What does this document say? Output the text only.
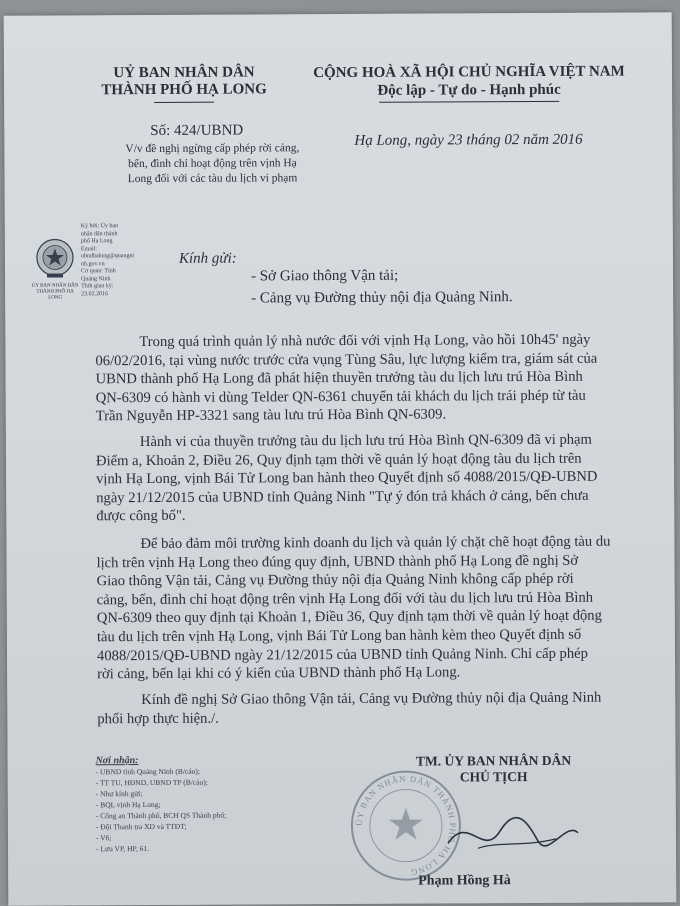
UỶ BAN NHÂN DÂN
THÀNH PHỐ HẠ LONG
CỘNG HOÀ XÃ HỘI CHỦ NGHĨA VIỆT NAM
Độc lập - Tự do - Hạnh phúc
Số: 424/UBND
V/v đề nghị ngừng cấp phép rời cảng,
bến, đình chỉ hoạt động trên vịnh Hạ
Long đối với các tàu du lịch vi phạm
Hạ Long, ngày 23 tháng 02 năm 2016
ỦY BAN NHÂN DÂN THÀNH PHỐ HẠ LONG
Ký bởi: Ủy ban
nhân dân thành
phố Hạ Long
Email:
ubndhalong@quangni
nh.gov.vn
Cơ quan: Tỉnh
Quảng Ninh
Thời gian ký:
23.02.2016
Kính gửi:
- Sở Giao thông Vận tải;
- Cảng vụ Đường thủy nội địa Quảng Ninh.

Trong quá trình quản lý nhà nước đối với vịnh Hạ Long, vào hồi 10h45' ngày

06/02/2016, tại vùng nước trước cửa vụng Tùng Sâu, lực lượng kiểm tra, giám sát của
UBND thành phố Hạ Long đã phát hiện thuyền trưởng tàu du lịch lưu trú Hòa Bình
QN-6309 có hành vi dùng Telder QN-6361 chuyển tải khách du lịch trái phép từ tàu
Trần Nguyễn HP-3321 sang tàu lưu trú Hòa Bình QN-6309.

Hành vi của thuyền trưởng tàu du lịch lưu trú Hòa Bình QN-6309 đã vi phạm

Điểm a, Khoản 2, Điều 26, Quy định tạm thời về quản lý hoạt động tàu du lịch trên
vịnh Hạ Long, vịnh Bái Tử Long ban hành theo Quyết định số 4088/2015/QĐ-UBND
ngày 21/12/2015 của UBND tỉnh Quảng Ninh "Tự ý đón trả khách ở cảng, bến chưa
được công bố".

Để bảo đảm môi trường kinh doanh du lịch và quản lý chặt chẽ hoạt động tàu du

lịch trên vịnh Hạ Long theo đúng quy định, UBND thành phố Hạ Long đề nghị Sở
Giao thông Vận tải, Cảng vụ Đường thủy nội địa Quảng Ninh không cấp phép rời
cảng, bến, đình chỉ hoạt động trên vịnh Hạ Long đối với tàu du lịch lưu trú Hòa Bình
QN-6309 theo quy định tại Khoản 1, Điều 36, Quy định tạm thời về quản lý hoạt động
tàu du lịch trên vịnh Hạ Long, vịnh Bái Tử Long ban hành kèm theo Quyết định số
4088/2015/QĐ-UBND ngày 21/12/2015 của UBND tỉnh Quảng Ninh. Chỉ cấp phép
rời cảng, bến lại khi có ý kiến của UBND thành phố Hạ Long.

Kính đề nghị Sở Giao thông Vận tải, Cảng vụ Đường thủy nội địa Quảng Ninh

phối hợp thực hiện./.
Nơi nhận:
- UBND tỉnh Quảng Ninh (B/cáo);
- TT TU, HĐND, UBND TP (B/cáo);
- Như kính gửi;
- BQL vịnh Hạ Long;
- Công an Thành phố, BCH QS Thành phố;
- Đội Thanh tra XD và TTĐT;
- V6;
- Lưu VP, HP, 61.
ỦY BAN NHÂN DÂN THÀNH PHỐ HẠ LONG
TM. ỦY BAN NHÂN DÂN
CHỦ TỊCH
Phạm Hồng Hà
